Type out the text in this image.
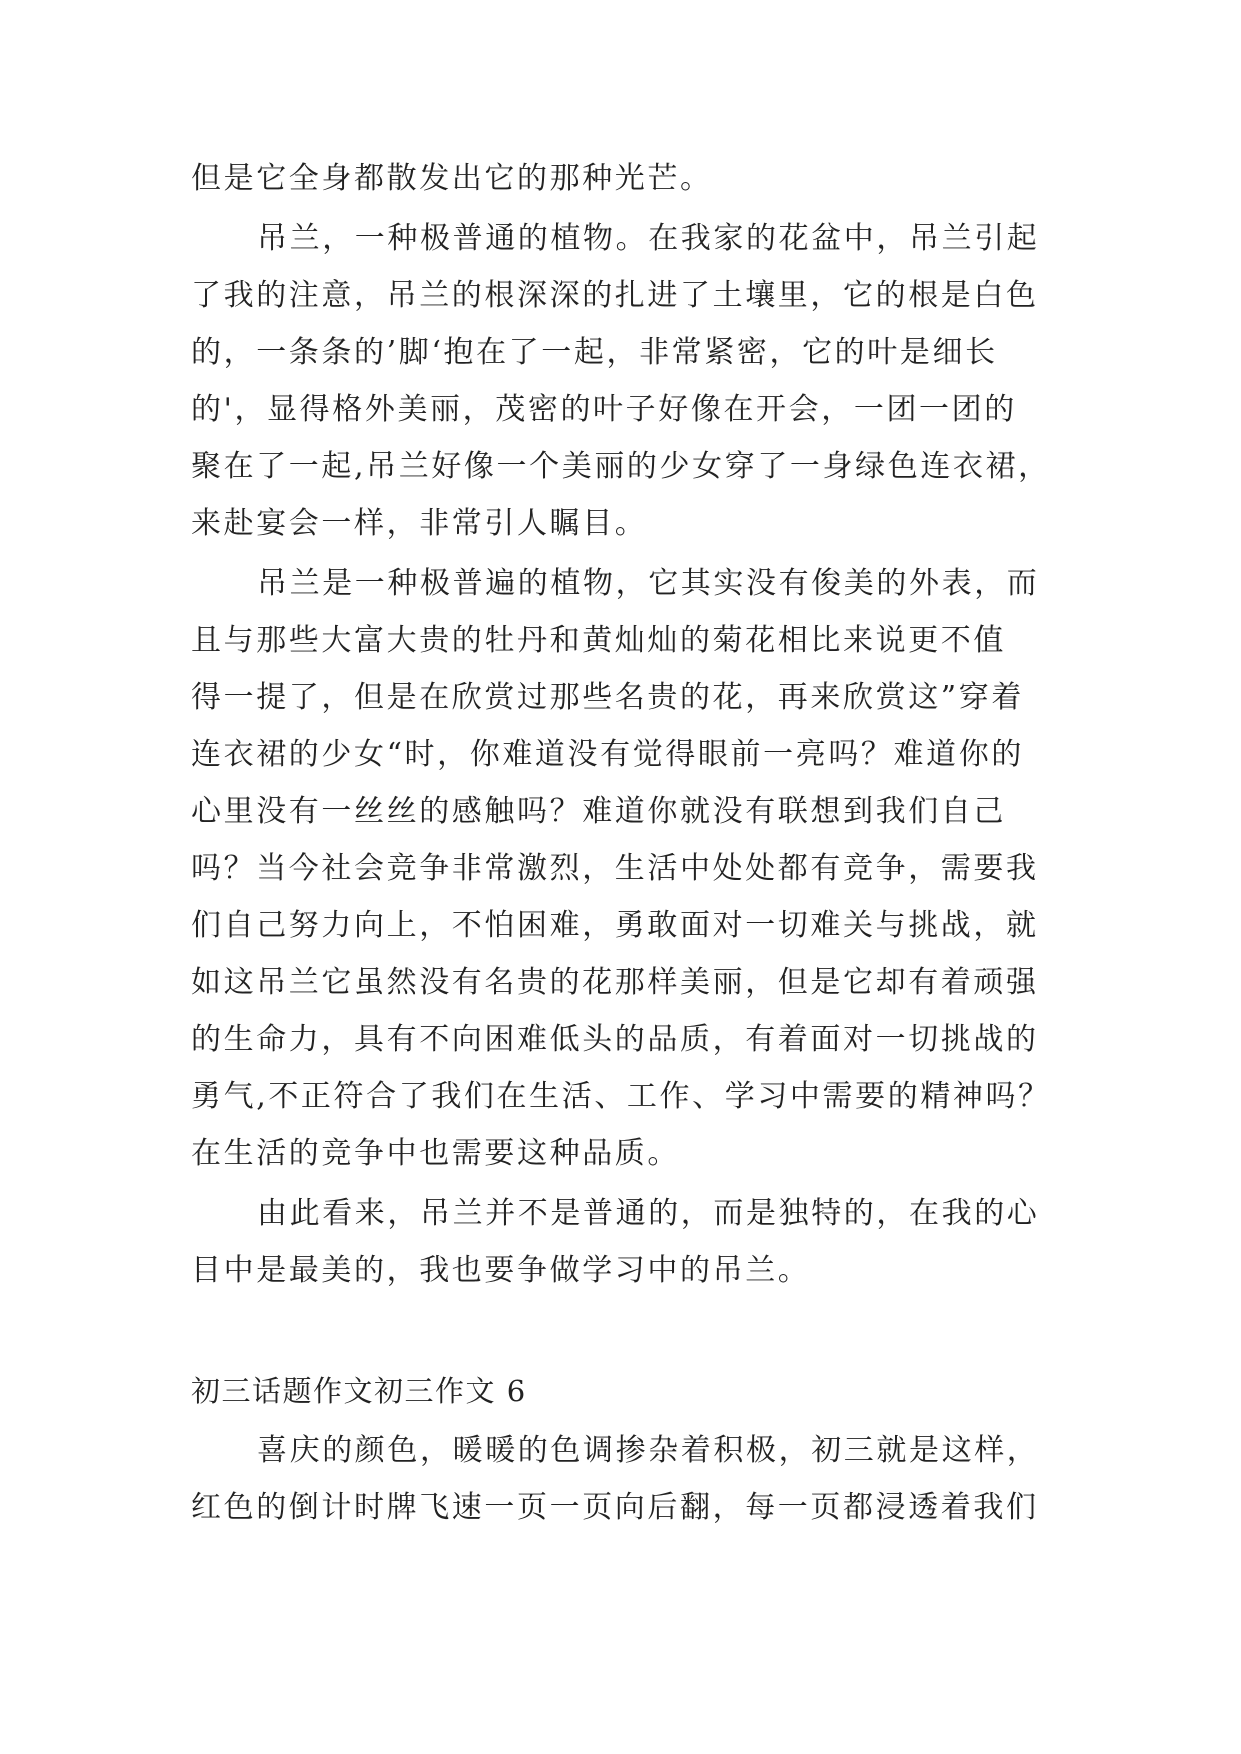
但是它全身都散发出它的那种光芒。
吊兰，一种极普通的植物。在我家的花盆中，吊兰引起
了我的注意，吊兰的根深深的扎进了土壤里，它的根是白色
的，一条条的’脚‘抱在了一起，非常紧密，它的叶是细长
的'，显得格外美丽，茂密的叶子好像在开会，一团一团的
聚在了一起,吊兰好像一个美丽的少女穿了一身绿色连衣裙，
来赴宴会一样，非常引人瞩目。
吊兰是一种极普遍的植物，它其实没有俊美的外表，而
且与那些大富大贵的牡丹和黄灿灿的菊花相比来说更不值
得一提了，但是在欣赏过那些名贵的花，再来欣赏这”穿着
连衣裙的少女“时，你难道没有觉得眼前一亮吗？难道你的
心里没有一丝丝的感触吗？难道你就没有联想到我们自己
吗？当今社会竞争非常激烈，生活中处处都有竞争，需要我
们自己努力向上，不怕困难，勇敢面对一切难关与挑战，就
如这吊兰它虽然没有名贵的花那样美丽，但是它却有着顽强
的生命力，具有不向困难低头的品质，有着面对一切挑战的
勇气,不正符合了我们在生活、工作、学习中需要的精神吗？
在生活的竞争中也需要这种品质。
由此看来，吊兰并不是普通的，而是独特的，在我的心
目中是最美的，我也要争做学习中的吊兰。
初三话题作文初三作文 6
喜庆的颜色，暖暖的色调掺杂着积极，初三就是这样，
红色的倒计时牌飞速一页一页向后翻，每一页都浸透着我们
